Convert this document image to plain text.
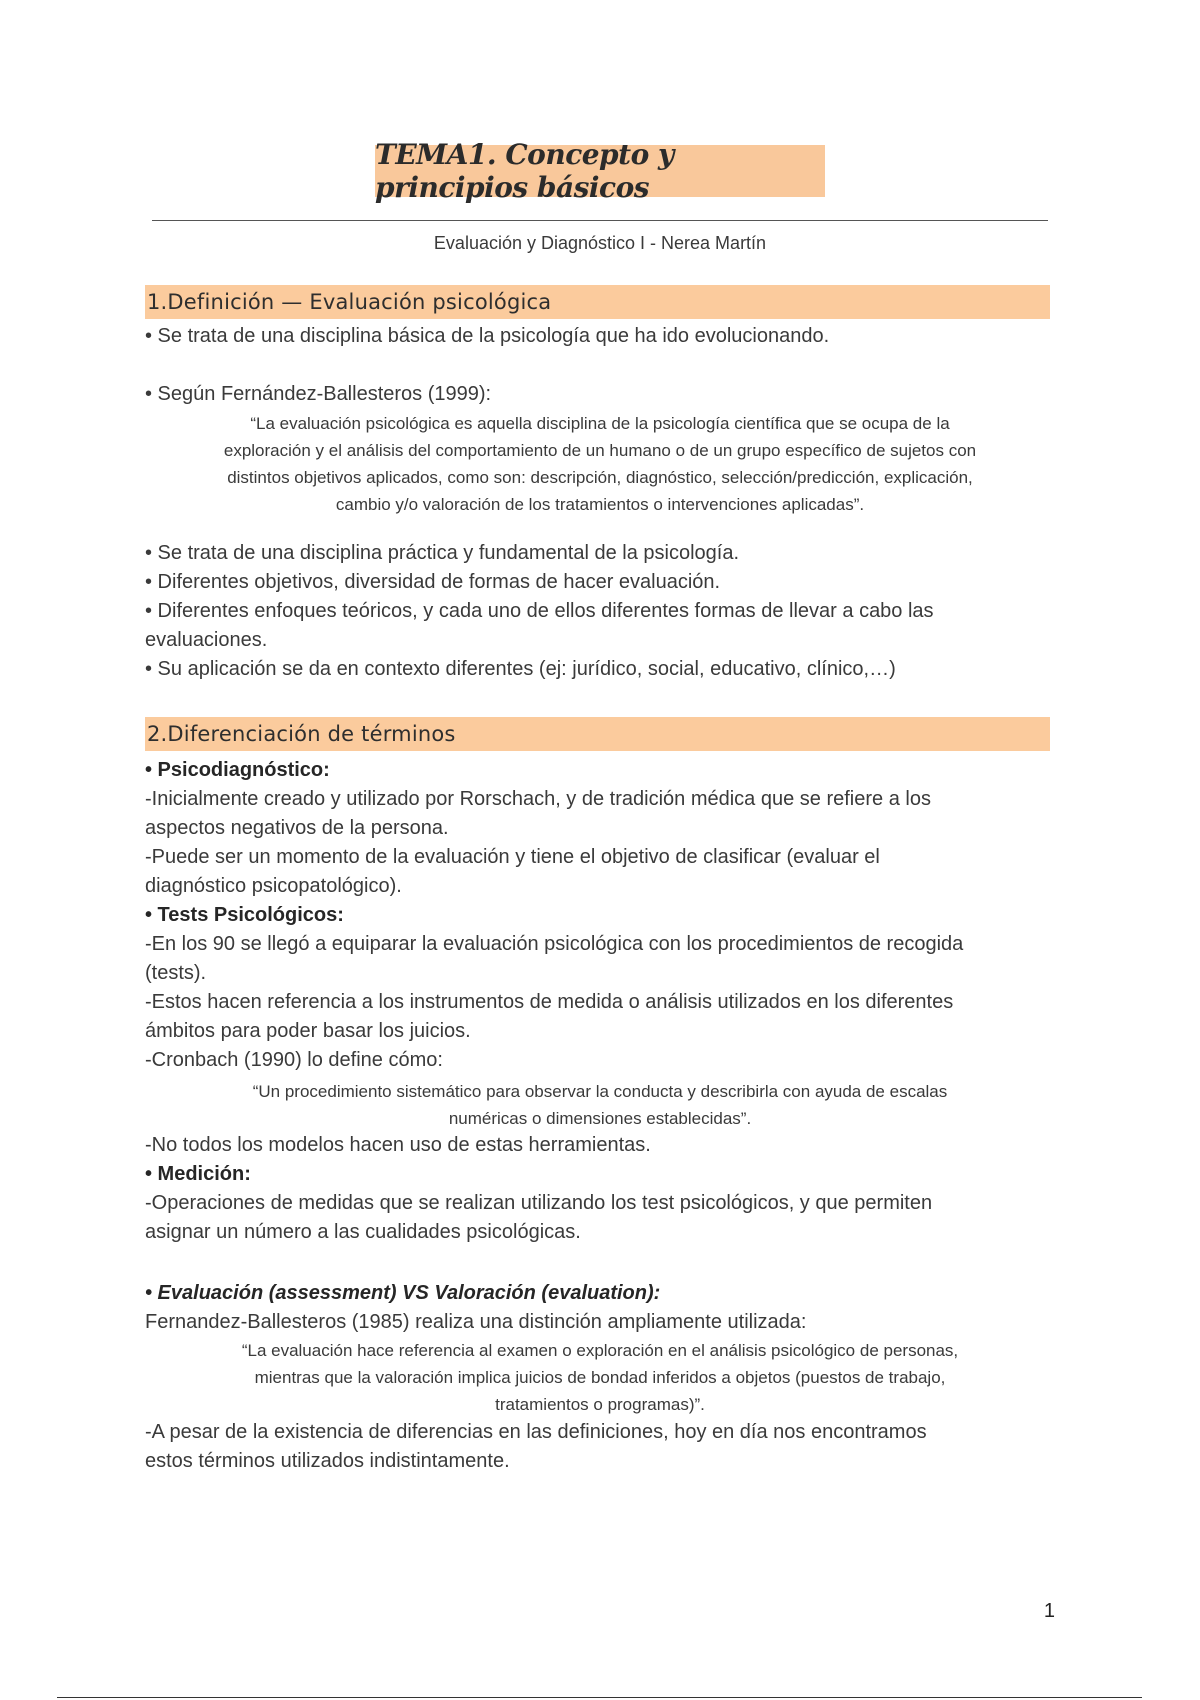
TEMA1. Concepto y principios básicos
Evaluación y Diagnóstico I - Nerea Martín
1.Definición — Evaluación psicológica

• Se trata de una disciplina básica de la psicología que ha ido evolucionando.

• Según Fernández-Ballesteros (1999):

“La evaluación psicológica es aquella disciplina de la psicología científica que se ocupa de la
exploración y el análisis del comportamiento de un humano o de un grupo específico de sujetos con
distintos objetivos aplicados, como son: descripción, diagnóstico, selección/predicción, explicación,
cambio y/o valoración de los tratamientos o intervenciones aplicadas”.

• Se trata de una disciplina práctica y fundamental de la psicología.

• Diferentes objetivos, diversidad de formas de hacer evaluación.

• Diferentes enfoques teóricos, y cada uno de ellos diferentes formas de llevar a cabo las

evaluaciones.

• Su aplicación se da en contexto diferentes (ej: jurídico, social, educativo, clínico,…)

2.Diferenciación de términos

• Psicodiagnóstico:

-Inicialmente creado y utilizado por Rorschach, y de tradición médica que se refiere a los

aspectos negativos de la persona.

-Puede ser un momento de la evaluación y tiene el objetivo de clasificar (evaluar el

diagnóstico psicopatológico).

• Tests Psicológicos:

-En los 90 se llegó a equiparar la evaluación psicológica con los procedimientos de recogida

(tests).

-Estos hacen referencia a los instrumentos de medida o análisis utilizados en los diferentes

ámbitos para poder basar los juicios.

-Cronbach (1990) lo define cómo:

“Un procedimiento sistemático para observar la conducta y describirla con ayuda de escalas
numéricas o dimensiones establecidas”.

-No todos los modelos hacen uso de estas herramientas.

• Medición:

-Operaciones de medidas que se realizan utilizando los test psicológicos, y que permiten

asignar un número a las cualidades psicológicas.

• Evaluación (assessment) VS Valoración (evaluation):

Fernandez-Ballesteros (1985) realiza una distinción ampliamente utilizada:

“La evaluación hace referencia al examen o exploración en el análisis psicológico de personas,
mientras que la valoración implica juicios de bondad inferidos a objetos (puestos de trabajo,
tratamientos o programas)”.

-A pesar de la existencia de diferencias en las definiciones, hoy en día nos encontramos

estos términos utilizados indistintamente.

1
